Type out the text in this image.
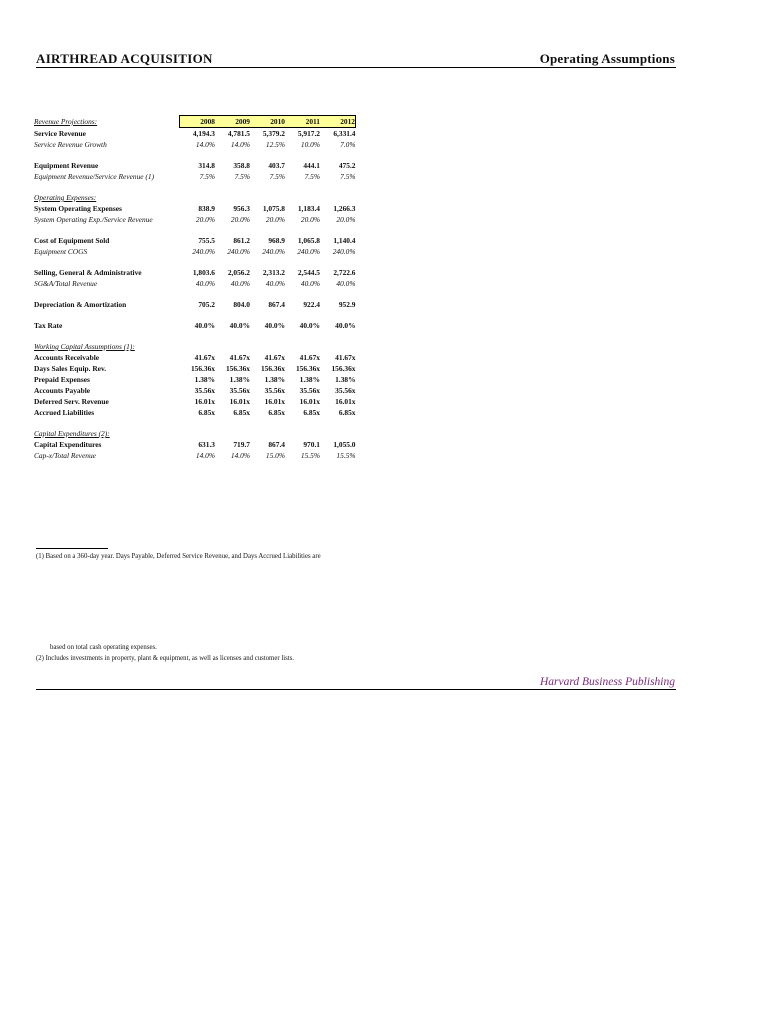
AIRTHREAD ACQUISITION	Operating Assumptions
Revenue Projections:	2008	2009	2010	2011	2012
Service Revenue	4,194.3	4,781.5	5,379.2	5,917.2	6,331.4
Service Revenue Growth	14.0%	14.0%	12.5%	10.0%	7.0%

Equipment Revenue	314.8	358.8	403.7	444.1	475.2
Equipment Revenue/Service Revenue (1)	7.5%	7.5%	7.5%	7.5%	7.5%

Operating Expenses:					
System Operating Expenses	838.9	956.3	1,075.8	1,183.4	1,266.3
System Operating Exp./Service Revenue	20.0%	20.0%	20.0%	20.0%	20.0%

Cost of Equipment Sold	755.5	861.2	968.9	1,065.8	1,140.4
Equipment COGS	240.0%	240.0%	240.0%	240.0%	240.0%

Selling, General & Administrative	1,803.6	2,056.2	2,313.2	2,544.5	2,722.6
SG&A/Total Revenue	40.0%	40.0%	40.0%	40.0%	40.0%

Depreciation & Amortization	705.2	804.0	867.4	922.4	952.9

Tax Rate	40.0%	40.0%	40.0%	40.0%	40.0%

Working Capital Assumptions (1):					
Accounts Receivable	41.67x	41.67x	41.67x	41.67x	41.67x
Days Sales Equip. Rev.	156.36x	156.36x	156.36x	156.36x	156.36x
Prepaid Expenses	1.38%	1.38%	1.38%	1.38%	1.38%
Accounts Payable	35.56x	35.56x	35.56x	35.56x	35.56x
Deferred Serv. Revenue	16.01x	16.01x	16.01x	16.01x	16.01x
Accrued Liabilities	6.85x	6.85x	6.85x	6.85x	6.85x

Capital Expenditures (2):					
Capital Expenditures	631.3	719.7	867.4	970.1	1,055.0
Cap-x/Total Revenue	14.0%	14.0%	15.0%	15.5%	15.5%
(1) Based on a 360-day year. Days Payable, Deferred Service Revenue, and Days Accrued Liabilities are
based on total cash operating expenses.
(2) Includes investments in property, plant & equipment, as well as licenses and customer lists.
Harvard Business Publishing
